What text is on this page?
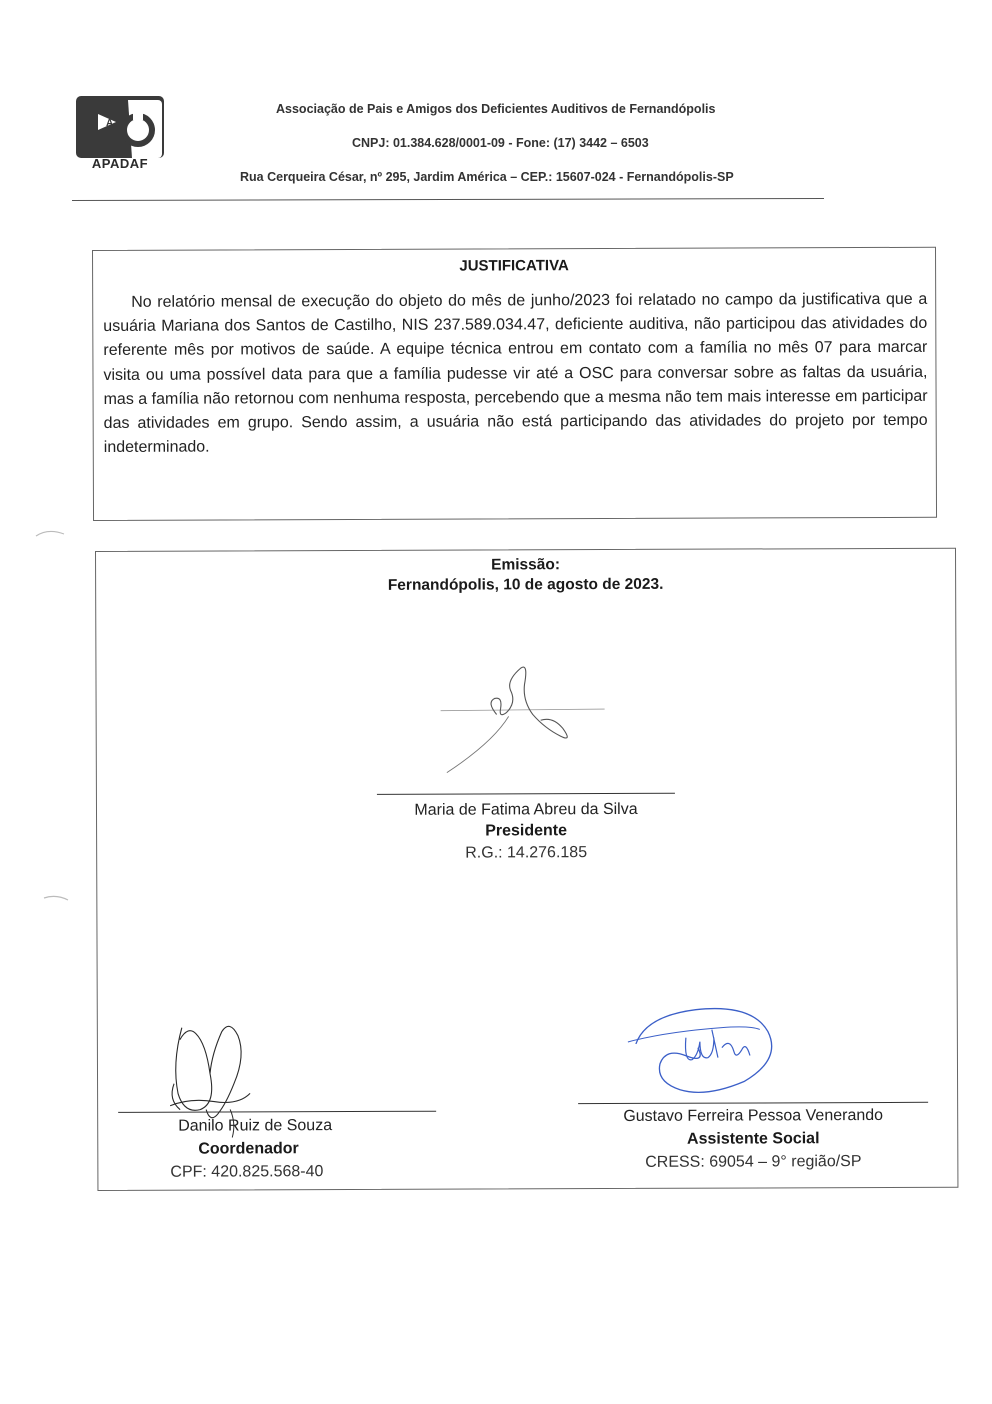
A
APADAF
Associação de Pais e Amigos dos Deficientes Auditivos de Fernandópolis
CNPJ: 01.384.628/0001-09 - Fone: (17) 3442 – 6503
Rua Cerqueira César, nº 295, Jardim América – CEP.: 15607-024 - Fernandópolis-SP
JUSTIFICATIVA
No relatório mensal de execução do objeto do mês de junho/2023 foi relatado no campo da justificativa que a usuária Mariana dos Santos de Castilho, NIS 237.589.034.47, deficiente auditiva, não participou das atividades do referente mês por motivos de saúde. A equipe técnica entrou em contato com a família no mês 07 para marcar visita ou uma possível data para que a família pudesse vir até a OSC para conversar sobre as faltas da usuária, mas a família não retornou com nenhuma resposta, percebendo que a mesma não tem mais interesse em participar das atividades em grupo. Sendo assim, a usuária não está participando das atividades do projeto por tempo indeterminado.
Emissão:
Fernandópolis, 10 de agosto de 2023.
Maria de Fatima Abreu da Silva
Presidente
R.G.: 14.276.185
Danilo Ruiz de Souza
Coordenador
CPF: 420.825.568-40
Gustavo Ferreira Pessoa Venerando
Assistente Social
CRESS: 69054 – 9° região/SP
